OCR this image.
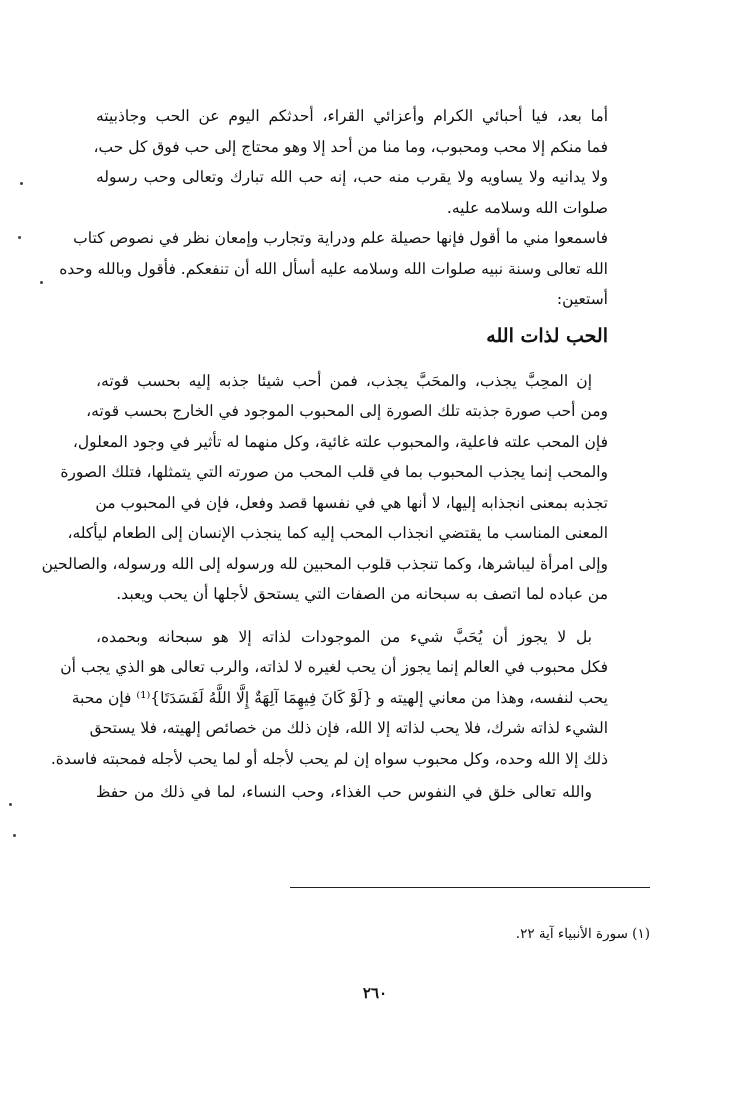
أما بعد، فيا أحبائي الكرام وأعزائي القراء، أحدثكم اليوم عن الحب وجاذبيته
فما منكم إلا محب ومحبوب، وما منا من أحد إلا وهو محتاج إلى حب فوق كل حب،
ولا يدانيه ولا يساويه ولا يقرب منه حب، إنه حب الله تبارك وتعالى وحب رسوله
صلوات الله وسلامه عليه.
فاسمعوا مني ما أقول فإنها حصيلة علم ودراية وتجارب وإمعان نظر في نصوص كتاب
الله تعالى وسنة نبيه صلوات الله وسلامه عليه أسأل الله أن تنفعكم. فأقول وبالله وحده
أستعين:
الحب لذات الله
إن المحِبَّ يجذب، والمحَبَّ يجذب، فمن أحب شيئا جذبه إليه بحسب قوته،
ومن أحب صورة جذبته تلك الصورة إلى المحبوب الموجود في الخارج بحسب قوته،
فإن المحب علته فاعلية، والمحبوب علته غائية، وكل منهما له تأثير في وجود المعلول،
والمحب إنما يجذب المحبوب بما في قلب المحب من صورته التي يتمثلها، فتلك الصورة
تجذبه بمعنى انجذابه إليها، لا أنها هي في نفسها قصد وفعل، فإن في المحبوب من
المعنى المناسب ما يقتضي انجذاب المحب إليه كما ينجذب الإنسان إلى الطعام ليأكله،
وإلى امرأة ليباشرها، وكما تنجذب قلوب المحبين لله ورسوله إلى الله ورسوله، والصالحين
من عباده لما اتصف به سبحانه من الصفات التي يستحق لأجلها أن يحب ويعبد.
بل لا يجوز أن يُحَبَّ شيء من الموجودات لذاته إلا هو سبحانه وبحمده،
فكل محبوب في العالم إنما يجوز أن يحب لغيره لا لذاته، والرب تعالى هو الذي يجب أن
يحب لنفسه، وهذا من معاني إلهيته و {لَوْ كَانَ فِيهِمَا آلِهَةٌ إِلَّا اللَّهُ لَفَسَدَتَا}⁽¹⁾ فإن محبة
الشيء لذاته شرك، فلا يحب لذاته إلا الله، فإن ذلك من خصائص إلهيته، فلا يستحق
ذلك إلا الله وحده، وكل محبوب سواه إن لم يحب لأجله أو لما يحب لأجله فمحبته فاسدة.
والله تعالى خلق في النفوس حب الغذاء، وحب النساء، لما في ذلك من حفظ
(١) سورة الأنبياء آية ٢٢.
٢٦٠
